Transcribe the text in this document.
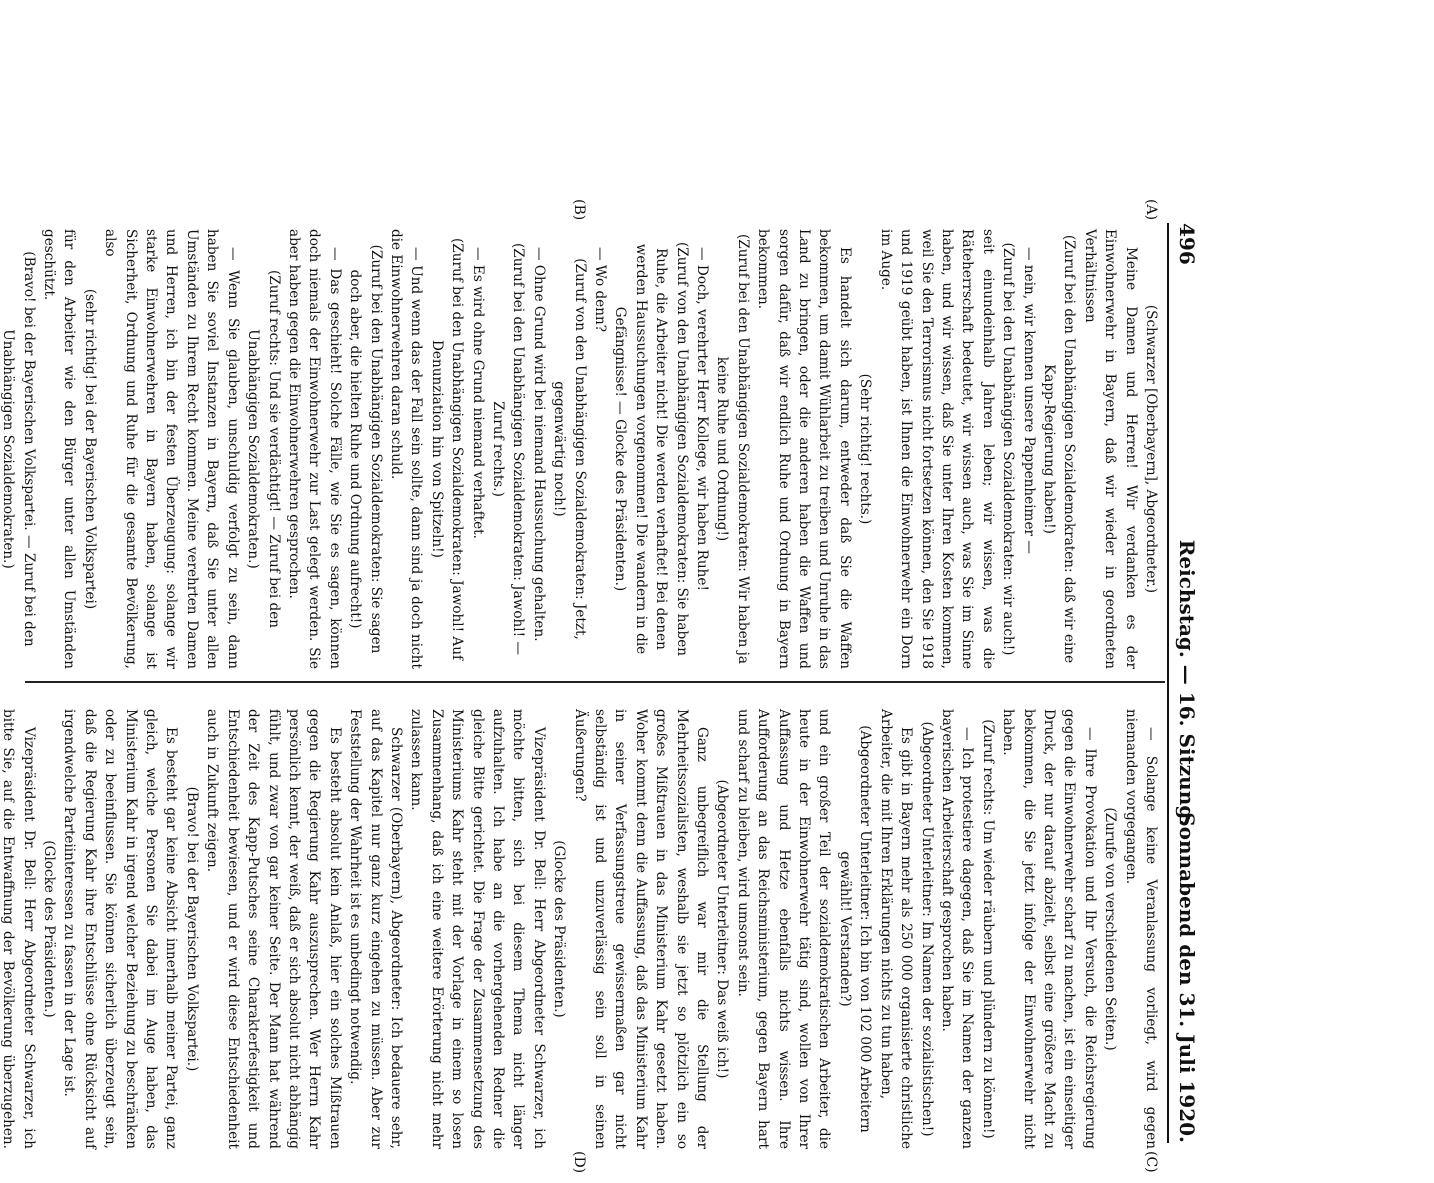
496
Reichstag. — 16. Sitzung.
Sonnabend den 31. Juli 1920.
(A)
(B)
(C)
(D)

(Schwarzer [Oberbayern], Abgeordneter.)

Meine Damen und Herren! Wir verdanken es der Einwohnerwehr in Bayern, daß wir wieder in geordneten Verhältnissen

(Zuruf bei den Unabhängigen Sozialdemokraten: daß wir eine Kapp-Regierung haben!)

— nein, wir kennen unsere Pappenheimer —

(Zuruf bei den Unabhängigen Sozialdemokraten: wir auch!)

seit einundeinhalb Jahren leben; wir wissen, was die Räteherrschaft bedeutet, wir wissen auch, was Sie im Sinne haben, und wir wissen, daß Sie unter Ihren Kosten kommen, weil Sie den Terrorismus nicht fortsetzen können, den Sie 1918 und 1919 geübt haben, ist Ihnen die Einwohnerwehr ein Dorn im Auge.

(Sehr richtig! rechts.)

Es handelt sich darum, entweder daß Sie die Waffen bekommen, um damit Wühlarbeit zu treiben und Unruhe in das Land zu bringen, oder die anderen haben die Waffen und sorgen dafür, daß wir endlich Ruhe und Ordnung in Bayern bekommen.

(Zuruf bei den Unabhängigen Sozialdemokraten: Wir haben ja keine Ruhe und Ordnung!)

— Doch, verehrter Herr Kollege, wir haben Ruhe!

(Zuruf von den Unabhängigen Sozialdemokraten: Sie haben Ruhe, die Arbeiter nicht! Die werden verhaftet! Bei denen werden Haussuchungen vorgenommen! Die wandern in die Gefängnisse! — Glocke des Präsidenten.)

— Wo denn?

(Zuruf von den Unabhängigen Sozialdemokraten: Jetzt, gegenwärtig noch!)

— Ohne Grund wird bei niemand Haussuchung gehalten.

(Zuruf bei den Unabhängigen Sozialdemokraten: Jawohl! — Zuruf rechts.)

— Es wird ohne Grund niemand verhaftet.

(Zuruf bei den Unabhängigen Sozialdemokraten: Jawohl! Auf Denunziation hin von Spitzeln!)

— Und wenn das der Fall sein sollte, dann sind ja doch nicht die Einwohnerwehren daran schuld.

(Zuruf bei den Unabhängigen Sozialdemokraten: Sie sagen doch aber, die hielten Ruhe und Ordnung aufrecht!)

— Das geschieht! Solche Fälle, wie Sie es sagen, können doch niemals der Einwohnerwehr zur Last gelegt werden. Sie aber haben gegen die Einwohnerwehren gesprochen.

(Zuruf rechts: Und sie verdächtigt! — Zuruf bei den Unabhängigen Sozialdemokraten.)

— Wenn Sie glauben, unschuldig verfolgt zu sein, dann haben Sie soviel Instanzen in Bayern, daß Sie unter allen Umständen zu Ihrem Recht kommen. Meine verehrten Damen und Herren, ich bin der festen Überzeugung: solange wir starke Einwohnerwehren in Bayern haben, solange ist Sicherheit, Ordnung und Ruhe für die gesamte Bevölkerung, also

(sehr richtig! bei der Bayerischen Volkspartei)

für den Arbeiter wie den Bürger unter allen Umständen geschützt.

(Bravo! bei der Bayerischen Volkspartei. — Zuruf bei den Unabhängigen Sozialdemokraten.)

— Solange keine Veranlassung vorliegt, wird gegen niemanden vorgegangen.

(Zurufe von verschiedenen Seiten.)

— Ihre Provokation und Ihr Versuch, die Reichsregierung gegen die Einwohnerwehr scharf zu machen, ist ein einseitiger Druck, der nur darauf abzielt, selbst eine größere Macht zu bekommen, die Sie jetzt infolge der Einwohnerwehr nicht haben.

(Zuruf rechts: Um wieder räubern und plündern zu können!)

— Ich protestiere dagegen, daß Sie im Namen der ganzen bayerischen Arbeiterschaft gesprochen haben.

(Abgeordneter Unterleitner: Im Namen der sozialistischen!)

Es gibt in Bayern mehr als 250 000 organisierte christliche Arbeiter, die mit Ihren Erklärungen nichts zu tun haben,

(Abgeordneter Unterleitner: Ich bin von 102 000 Arbeitern gewählt! Verstanden?)

und ein großer Teil der sozialdemokratischen Arbeiter, die heute in der Einwohnerwehr tätig sind, wollen von Ihrer Auffassung und Hetze ebenfalls nichts wissen. Ihre Aufforderung an das Reichsministerium, gegen Bayern hart und scharf zu bleiben, wird umsonst sein.

(Abgeordneter Unterleitner: Das weiß ich!)

Ganz unbegreiflich war mir die Stellung der Mehrheitssozialisten, weshalb sie jetzt so plötzlich ein so großes Mißtrauen in das Ministerium Kahr gesetzt haben. Woher kommt denn die Auffassung, daß das Ministerium Kahr in seiner Verfassungstreue gewissermaßen gar nicht selbständig ist und unzuverlässig sein soll in seinen Äußerungen?

(Glocke des Präsidenten.)

Vizepräsident Dr. Bell: Herr Abgeordneter Schwarzer, ich möchte bitten, sich bei diesem Thema nicht länger aufzuhalten. Ich habe an die vorhergehenden Redner die gleiche Bitte gerichtet. Die Frage der Zusammensetzung des Ministeriums Kahr steht mit der Vorlage in einem so losen Zusammenhang, daß ich eine weitere Erörterung nicht mehr zulassen kann.

Schwarzer (Oberbayern), Abgeordneter: Ich bedauere sehr, auf das Kapitel nur ganz kurz eingehen zu müssen. Aber zur Feststellung der Wahrheit ist es unbedingt notwendig.

Es besteht absolut kein Anlaß, hier ein solches Mißtrauen gegen die Regierung Kahr auszusprechen. Wer Herrn Kahr persönlich kennt, der weiß, daß er sich absolut nicht abhängig fühlt, und zwar von gar keiner Seite. Der Mann hat während der Zeit des Kapp-Putsches seine Charakterfestigkeit und Entschiedenheit bewiesen, und er wird diese Entschiedenheit auch in Zukunft zeigen.

(Bravo! bei der Bayerischen Volkspartei.)

Es besteht gar keine Absicht innerhalb meiner Partei, ganz gleich, welche Personen Sie dabei im Auge haben, das Ministerium Kahr in irgend welcher Beziehung zu beschränken oder zu beeinflussen. Sie können sicherlich überzeugt sein, daß die Regierung Kahr ihre Entschlüsse ohne Rücksicht auf irgendwelche Parteiinteressen zu fassen in der Lage ist.

(Glocke des Präsidenten.)

Vizepräsident Dr. Bell: Herr Abgeordneter Schwarzer, ich bitte Sie, auf die Entwaffnung der Bevölkerung überzugehen.
